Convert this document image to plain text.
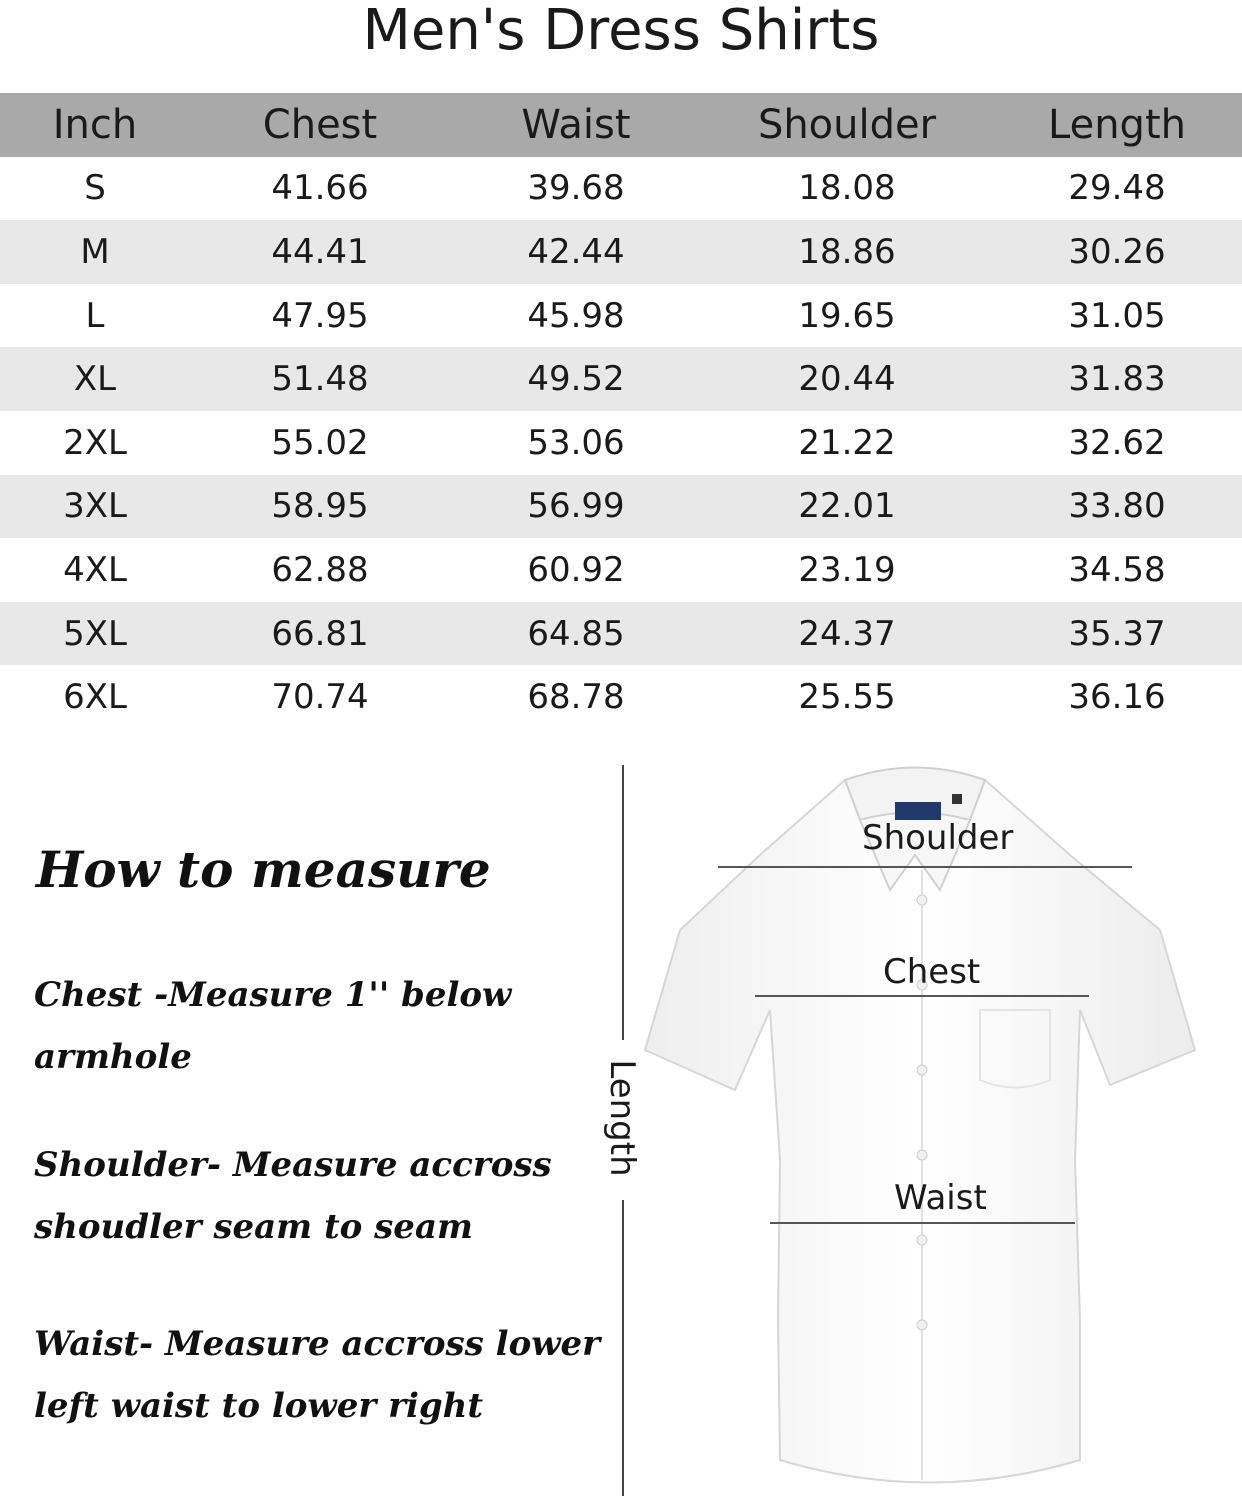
Men's Dress Shirts
Inch	Chest	Waist	Shoulder	Length
S	41.66	39.68	18.08	29.48
M	44.41	42.44	18.86	30.26
L	47.95	45.98	19.65	31.05
XL	51.48	49.52	20.44	31.83
2XL	55.02	53.06	21.22	32.62
3XL	58.95	56.99	22.01	33.80
4XL	62.88	60.92	23.19	34.58
5XL	66.81	64.85	24.37	35.37
6XL	70.74	68.78	25.55	36.16
How to measure
Chest -Measure 1'' below armhole
Shoulder- Measure accross shoudler seam to seam
Waist- Measure accross lower left waist to lower right
Length
Shoulder
Chest
Waist
